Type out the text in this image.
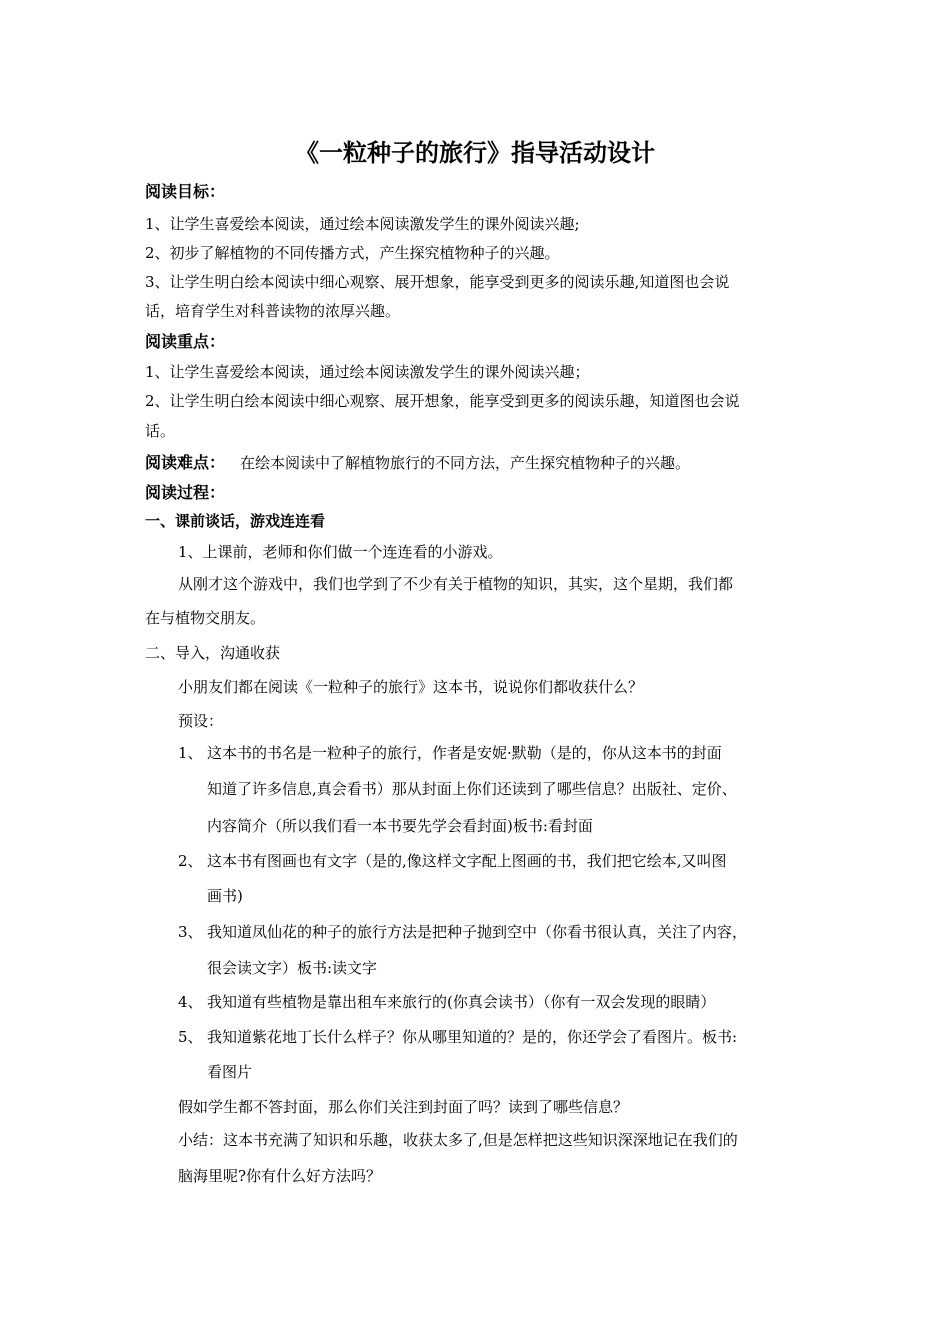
《一粒种子的旅行》指导活动设计
阅读目标：
1、让学生喜爱绘本阅读，通过绘本阅读激发学生的课外阅读兴趣;
2、初步了解植物的不同传播方式，产生探究植物种子的兴趣。
3、让学生明白绘本阅读中细心观察、展开想象，能享受到更多的阅读乐趣,知道图也会说
话，培育学生对科普读物的浓厚兴趣。
阅读重点：
1、让学生喜爱绘本阅读，通过绘本阅读激发学生的课外阅读兴趣；
2、让学生明白绘本阅读中细心观察、展开想象，能享受到更多的阅读乐趣，知道图也会说
话。
阅读难点： 在绘本阅读中了解植物旅行的不同方法，产生探究植物种子的兴趣。
阅读过程：
一、课前谈话，游戏连连看
1、上课前，老师和你们做一个连连看的小游戏。
从刚才这个游戏中，我们也学到了不少有关于植物的知识，其实，这个星期，我们都
在与植物交朋友。
二、导入，沟通收获
小朋友们都在阅读《一粒种子的旅行》这本书，说说你们都收获什么？
预设：
1、 这本书的书名是一粒种子的旅行，作者是安妮·默勒（是的，你从这本书的封面
知道了许多信息,真会看书）那从封面上你们还读到了哪些信息？出版社、定价、
内容简介（所以我们看一本书要先学会看封面)板书:看封面
2、 这本书有图画也有文字（是的,像这样文字配上图画的书，我们把它绘本,又叫图
画书)
3、 我知道凤仙花的种子的旅行方法是把种子抛到空中（你看书很认真，关注了内容，
很会读文字）板书:读文字
4、 我知道有些植物是靠出租车来旅行的(你真会读书）（你有一双会发现的眼睛）
5、 我知道紫花地丁长什么样子？你从哪里知道的？是的，你还学会了看图片。板书:
看图片
假如学生都不答封面，那么你们关注到封面了吗？读到了哪些信息？
小结：这本书充满了知识和乐趣，收获太多了,但是怎样把这些知识深深地记在我们的
脑海里呢?你有什么好方法吗？
